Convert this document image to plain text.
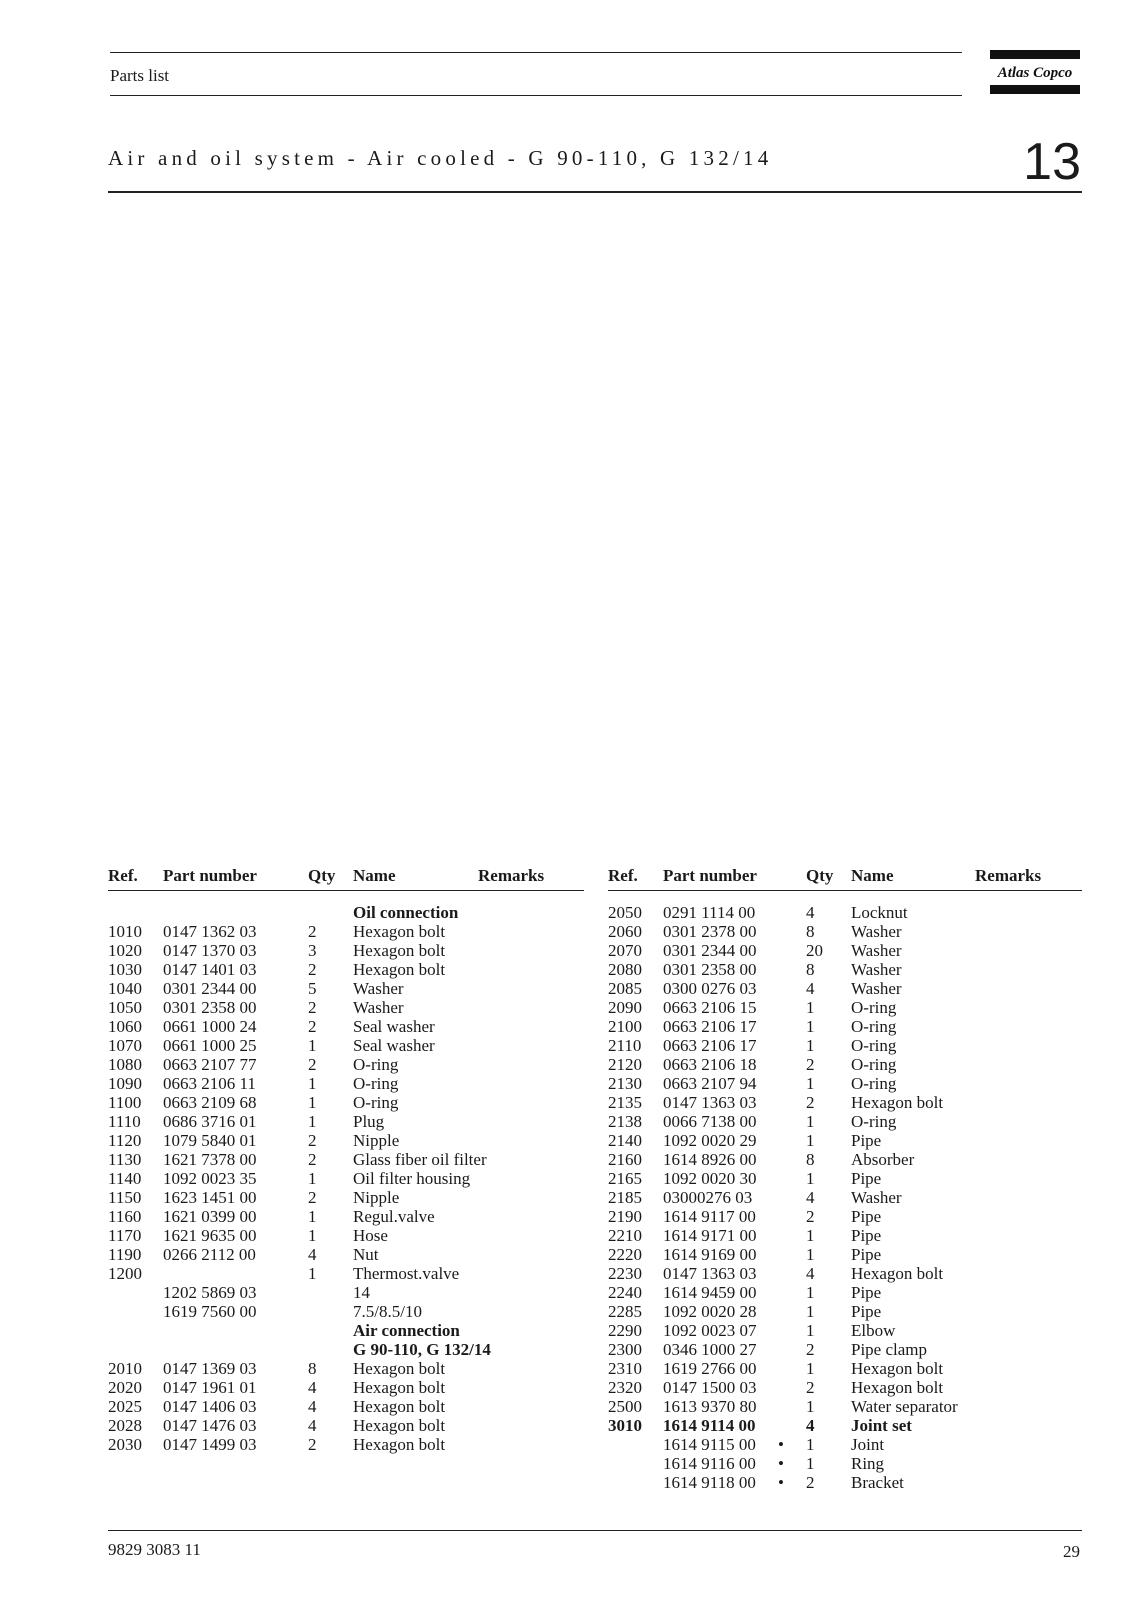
Parts list	Atlas Copco
Air and oil system - Air cooled - G 90-110, G 132/14	13
Ref. Part number	Qty Name	Remarks
Oil connection
1010 0147 1362 03	2 Hexagon bolt
1020 0147 1370 03	3 Hexagon bolt
1030 0147 1401 03	2 Hexagon bolt
1040 0301 2344 00	5 Washer
1050 0301 2358 00	2 Washer
1060 0661 1000 24	2 Seal washer
1070 0661 1000 25	1 Seal washer
1080 0663 2107 77	2 O-ring
1090 0663 2106 11	1 O-ring
1100 0663 2109 68	1 O-ring
1110 0686 3716 01	1 Plug
1120 1079 5840 01	2 Nipple
1130 1621 7378 00	2 Glass fiber oil filter
1140 1092 0023 35	1 Oil filter housing
1150 1623 1451 00	2 Nipple
1160 1621 0399 00	1 Regul.valve
1170 1621 9635 00	1 Hose
1190 0266 2112 00	4 Nut
1200	1 Thermost.valve
1202 5869 03	14
1619 7560 00	7.5/8.5/10
Air connection
G 90-110, G 132/14
2010 0147 1369 03	8 Hexagon bolt
2020 0147 1961 01	4 Hexagon bolt
2025 0147 1406 03	4 Hexagon bolt
2028 0147 1476 03	4 Hexagon bolt
2030 0147 1499 03	2 Hexagon bolt
Ref. Part number	Qty Name	Remarks
2050 0291 1114 00	4 Locknut
2060 0301 2378 00	8 Washer
2070 0301 2344 00	20 Washer
2080 0301 2358 00	8 Washer
2085 0300 0276 03	4 Washer
2090 0663 2106 15	1 O-ring
2100 0663 2106 17	1 O-ring
2110 0663 2106 17	1 O-ring
2120 0663 2106 18	2 O-ring
2130 0663 2107 94	1 O-ring
2135 0147 1363 03	2 Hexagon bolt
2138 0066 7138 00	1 O-ring
2140 1092 0020 29	1 Pipe
2160 1614 8926 00	8 Absorber
2165 1092 0020 30	1 Pipe
2185 03000276 03	4 Washer
2190 1614 9117 00	2 Pipe
2210 1614 9171 00	1 Pipe
2220 1614 9169 00	1 Pipe
2230 0147 1363 03	4 Hexagon bolt
2240 1614 9459 00	1 Pipe
2285 1092 0020 28	1 Pipe
2290 1092 0023 07	1 Elbow
2300 0346 1000 27	2 Pipe clamp
2310 1619 2766 00	1 Hexagon bolt
2320 0147 1500 03	2 Hexagon bolt
2500 1613 9370 80	1 Water separator
3010 1614 9114 00	4 Joint set
1614 9115 00 • 1 Joint
1614 9116 00 • 1 Ring
1614 9118 00 • 2 Bracket
9829 3083 11	29
